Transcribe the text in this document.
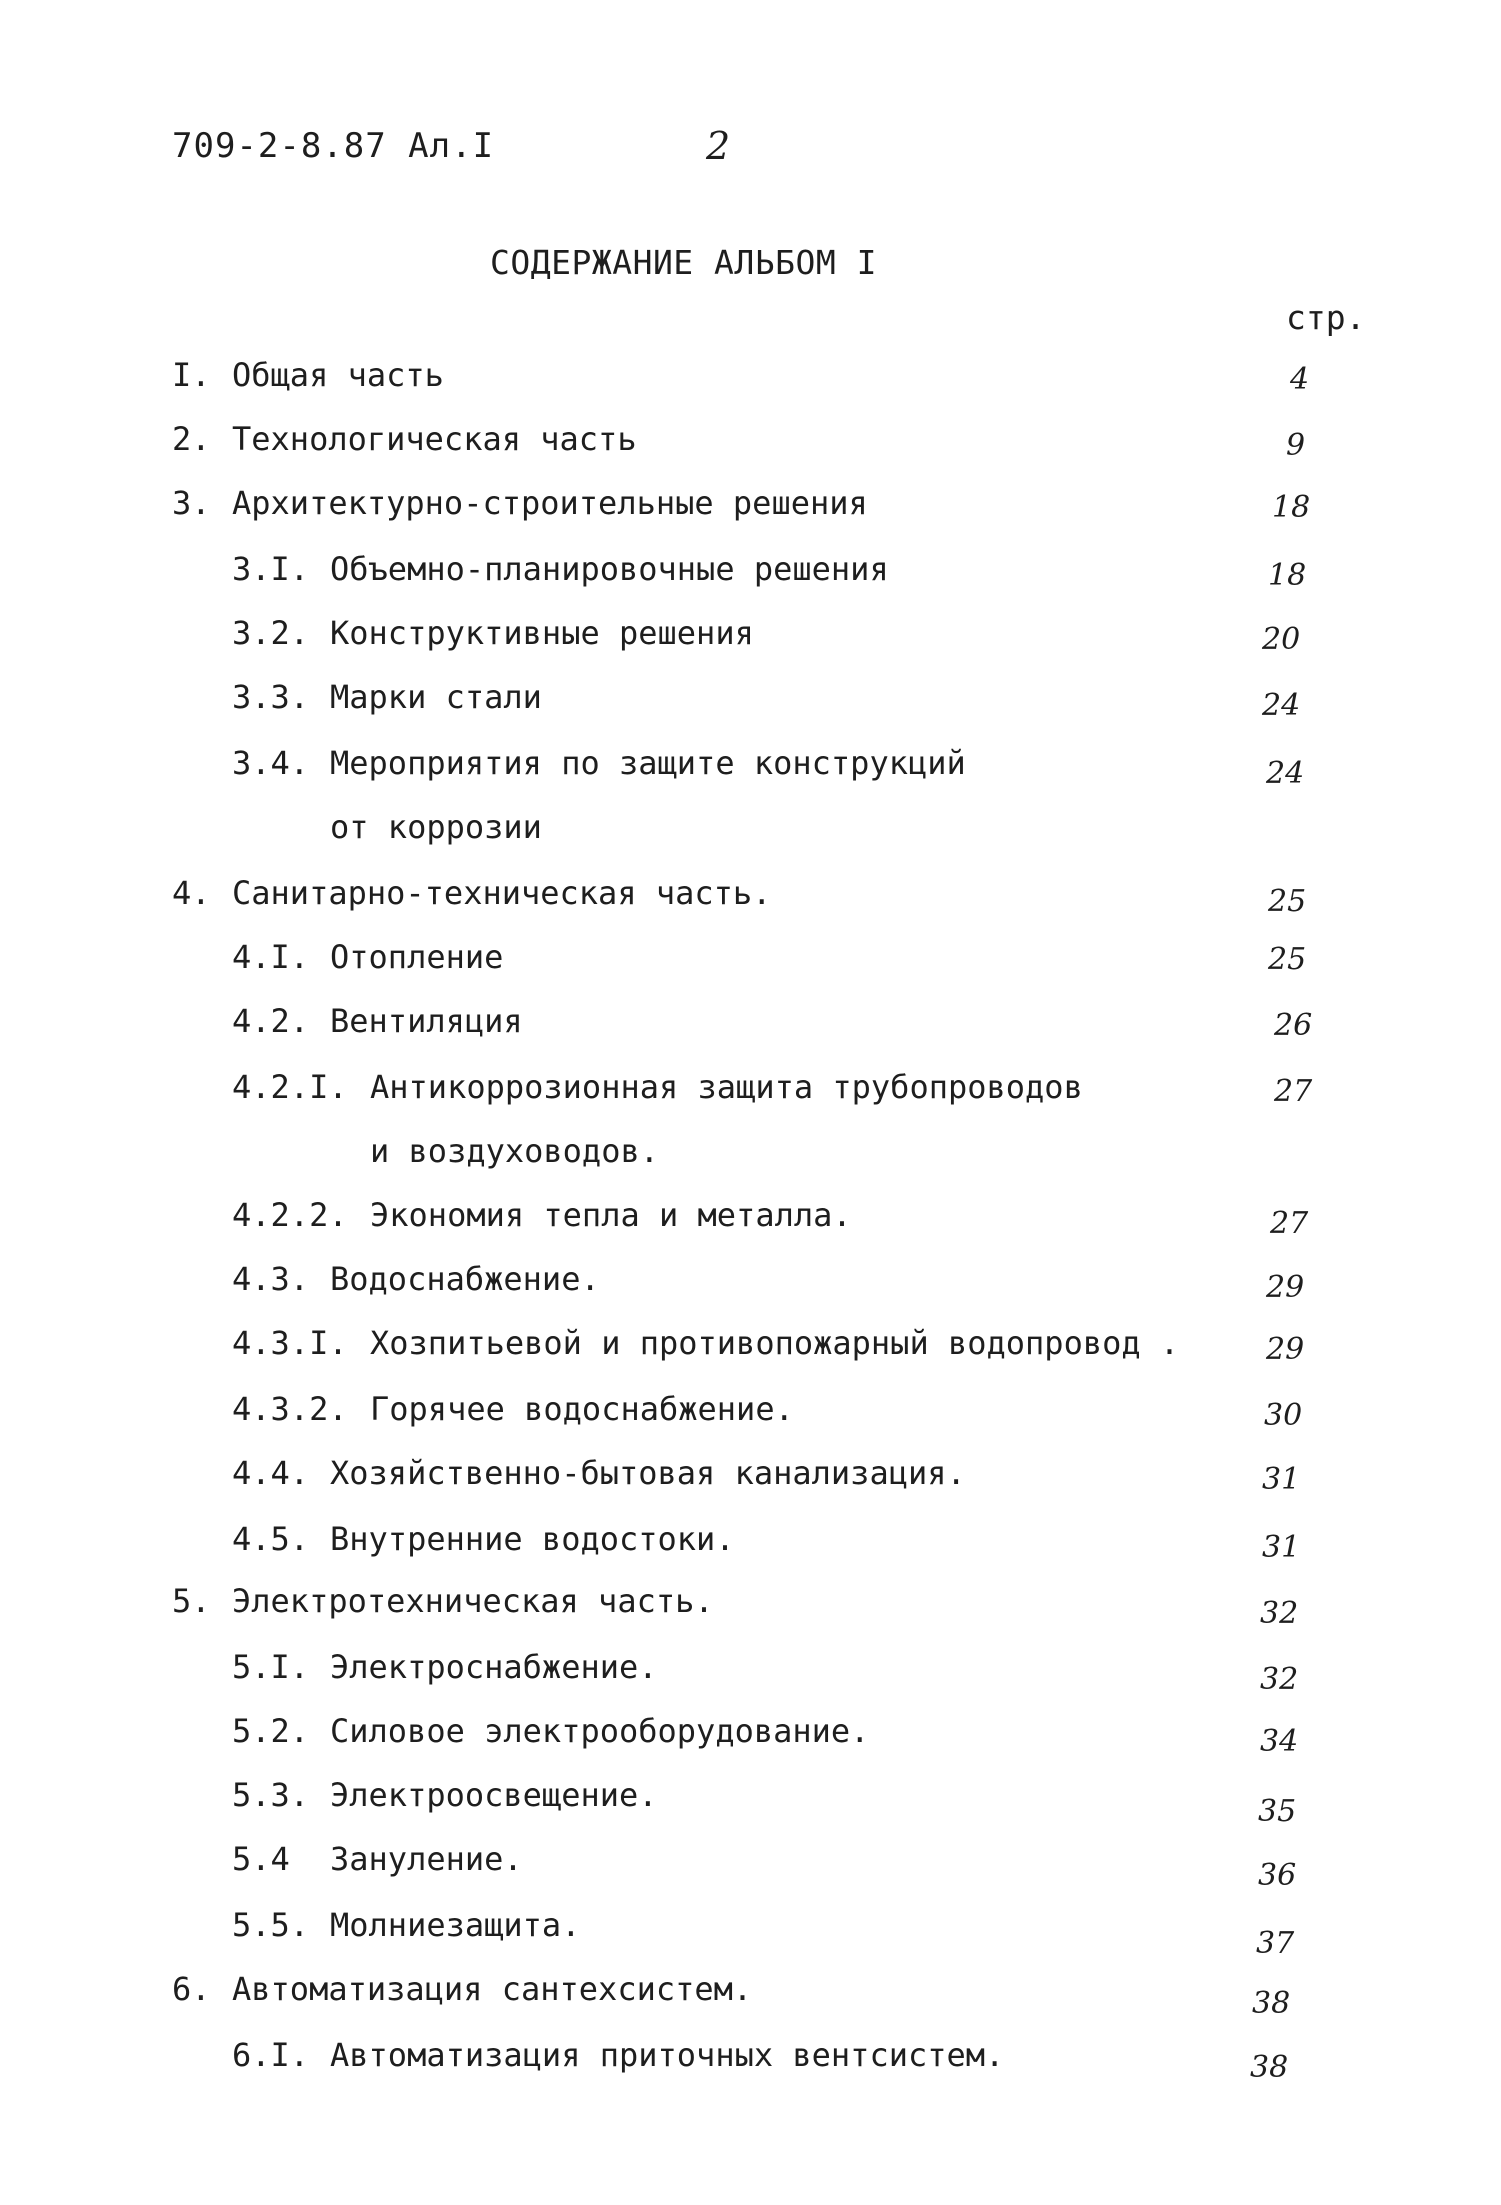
709-2-8.87 Ал.I	2
СОДЕРЖАНИЕ АЛЬБОМ I
стр.
I. Общая часть	4
2. Технологическая часть	9
3. Архитектурно-строительные решения	18
3.I. Объемно-планировочные решения	18
3.2. Конструктивные решения	20
3.3. Марки стали	24
3.4. Мероприятия по защите конструкций	24
от коррозии
4. Санитарно-техническая часть.	25
4.I. Отопление	25
4.2. Вентиляция	26
4.2.I. Антикоррозионная защита трубопроводов	27
и воздуховодов.
4.2.2. Экономия тепла и металла.	27
4.3. Водоснабжение.	29
4.3.I. Хозпитьевой и противопожарный водопровод .	29
4.3.2. Горячее водоснабжение.	30
4.4. Хозяйственно-бытовая канализация.	31
4.5. Внутренние водостоки.	31
5. Электротехническая часть.	32
5.I. Электроснабжение.	32
5.2. Силовое электрооборудование.	34
5.3. Электроосвещение.	35
5.4 Зануление.	36
5.5. Молниезащита.	37
6. Автоматизация сантехсистем.	38
6.I. Автоматизация приточных вентсистем.	38
